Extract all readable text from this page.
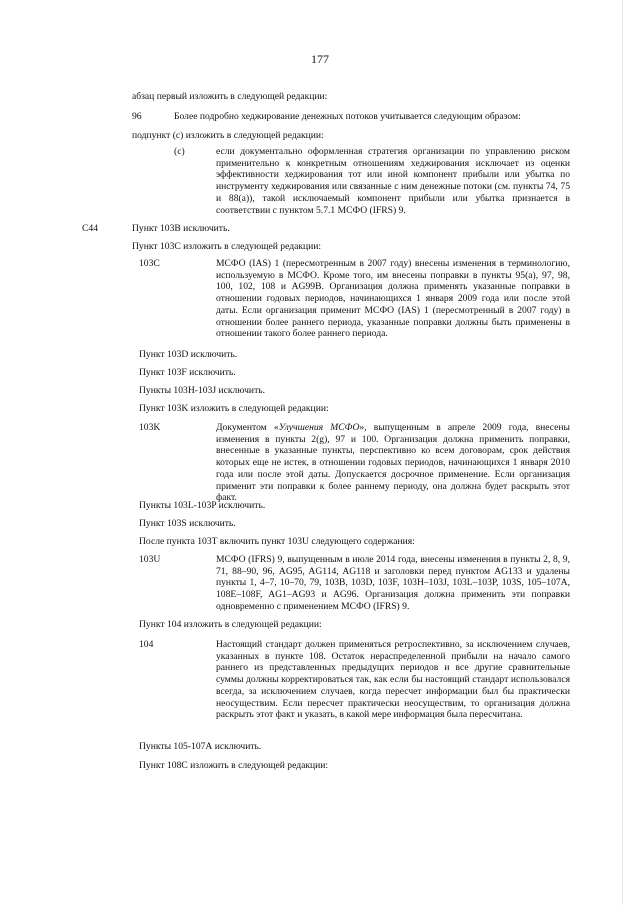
177
абзац первый изложить в следующей редакции:
96	Более подробно хеджирование денежных потоков учитывается следующим образом:
подпункт (c) изложить в следующей редакции:
(c)	если документально оформленная стратегия организации по управлению риском применительно к конкретным отношениям хеджирования исключает из оценки эффективности хеджирования тот или иной компонент прибыли или убытка по инструменту хеджирования или связанные с ним денежные потоки (см. пункты 74, 75 и 88(a)), такой исключаемый компонент прибыли или убытка признается в соответствии с пунктом 5.7.1 МСФО (IFRS) 9.
C44	Пункт 103В исключить.
Пункт 103С изложить в следующей редакции:
103C	МСФО (IAS) 1 (пересмотренным в 2007 году) внесены изменения в терминологию, используемую в МСФО. Кроме того, им внесены поправки в пункты 95(a), 97, 98, 100, 102, 108 и AG99B. Организация должна применять указанные поправки в отношении годовых периодов, начинающихся 1 января 2009 года или после этой даты. Если организация применит МСФО (IAS) 1 (пересмотренный в 2007 году) в отношении более раннего периода, указанные поправки должны быть применены в отношении такого более раннего периода.
Пункт 103D исключить.
Пункт 103F исключить.
Пункты 103H-103J исключить.
Пункт 103K изложить в следующей редакции:
103K	Документом «Улучшения МСФО», выпущенным в апреле 2009 года, внесены изменения в пункты 2(g), 97 и 100. Организация должна применить поправки, внесенные в указанные пункты, перспективно ко всем договорам, срок действия которых еще не истек, в отношении годовых периодов, начинающихся 1 января 2010 года или после этой даты. Допускается досрочное применение. Если организация применит эти поправки к более раннему периоду, она должна будет раскрыть этот факт.
Пункты 103L-103P исключить.
Пункт 103S исключить.
После пункта 103T включить пункт 103U следующего содержания:
103U	МСФО (IFRS) 9, выпущенным в июле 2014 года, внесены изменения в пункты 2, 8, 9, 71, 88–90, 96, AG95, AG114, AG118 и заголовки перед пунктом AG133 и удалены пункты 1, 4–7, 10–70, 79, 103B, 103D, 103F, 103H–103J, 103L–103P, 103S, 105–107A, 108E–108F, AG1–AG93 и AG96. Организация должна применить эти поправки одновременно с применением МСФО (IFRS) 9.
Пункт 104 изложить в следующей редакции:
104	Настоящий стандарт должен применяться ретроспективно, за исключением случаев, указанных в пункте 108. Остаток нераспределенной прибыли на начало самого раннего из представленных предыдущих периодов и все другие сравнительные суммы должны корректироваться так, как если бы настоящий стандарт использовался всегда, за исключением случаев, когда пересчет информации был бы практически неосуществим. Если пересчет практически неосуществим, то организация должна раскрыть этот факт и указать, в какой мере информация была пересчитана.
Пункты 105-107А исключить.
Пункт 108С изложить в следующей редакции:
